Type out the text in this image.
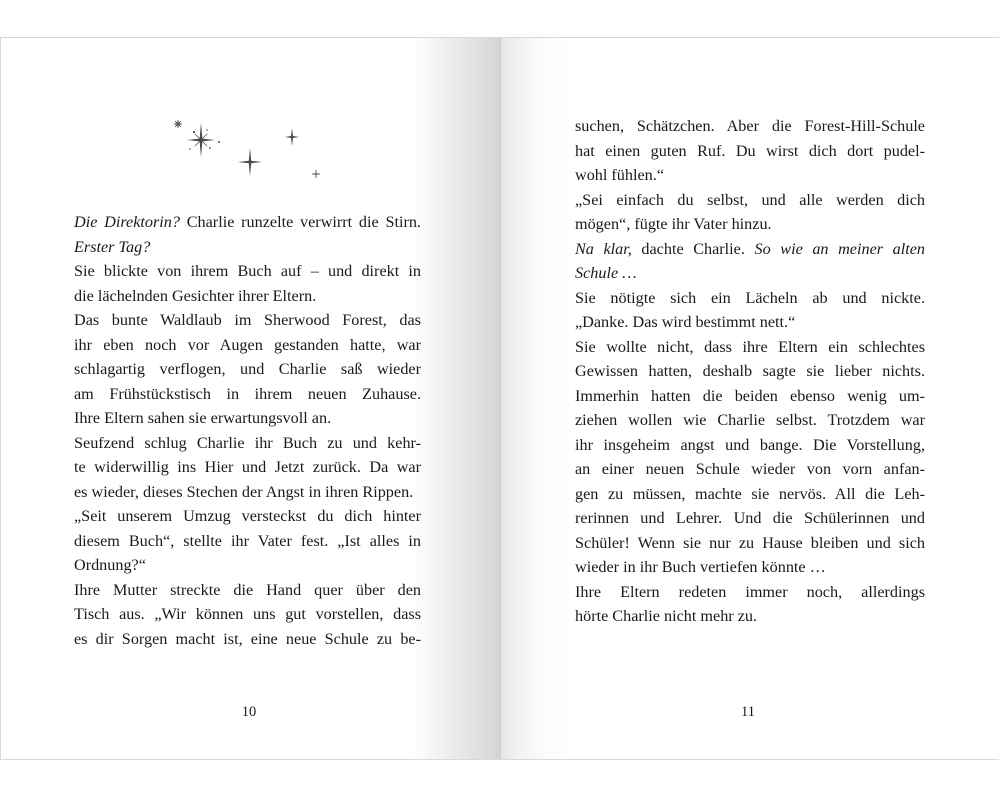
Die Direktorin? Charlie runzelte verwirrt die Stirn.
Erster Tag?
Sie blickte von ihrem Buch auf – und direkt in
die lächelnden Gesichter ihrer Eltern.
Das bunte Waldlaub im Sherwood Forest, das
ihr eben noch vor Augen gestanden hatte, war
schlagartig verflogen, und Charlie saß wieder
am Frühstückstisch in ihrem neuen Zuhause.
Ihre Eltern sahen sie erwartungsvoll an.
Seufzend schlug Charlie ihr Buch zu und kehr-
te widerwillig ins Hier und Jetzt zurück. Da war
es wieder, dieses Stechen der Angst in ihren Rippen.
„Seit unserem Umzug versteckst du dich hinter
diesem Buch“, stellte ihr Vater fest. „Ist alles in
Ordnung?“
Ihre Mutter streckte die Hand quer über den
Tisch aus. „Wir können uns gut vorstellen, dass
es dir Sorgen macht ist, eine neue Schule zu be-
10
suchen, Schätzchen. Aber die Forest-Hill-Schule
hat einen guten Ruf. Du wirst dich dort pudel-
wohl fühlen.“
„Sei einfach du selbst, und alle werden dich
mögen“, fügte ihr Vater hinzu.
Na klar, dachte Charlie. So wie an meiner alten
Schule …
Sie nötigte sich ein Lächeln ab und nickte.
„Danke. Das wird bestimmt nett.“
Sie wollte nicht, dass ihre Eltern ein schlechtes
Gewissen hatten, deshalb sagte sie lieber nichts.
Immerhin hatten die beiden ebenso wenig um-
ziehen wollen wie Charlie selbst. Trotzdem war
ihr insgeheim angst und bange. Die Vorstellung,
an einer neuen Schule wieder von vorn anfan-
gen zu müssen, machte sie nervös. All die Leh-
rerinnen und Lehrer. Und die Schülerinnen und
Schüler! Wenn sie nur zu Hause bleiben und sich
wieder in ihr Buch vertiefen könnte …
Ihre Eltern redeten immer noch, allerdings
hörte Charlie nicht mehr zu.
11
